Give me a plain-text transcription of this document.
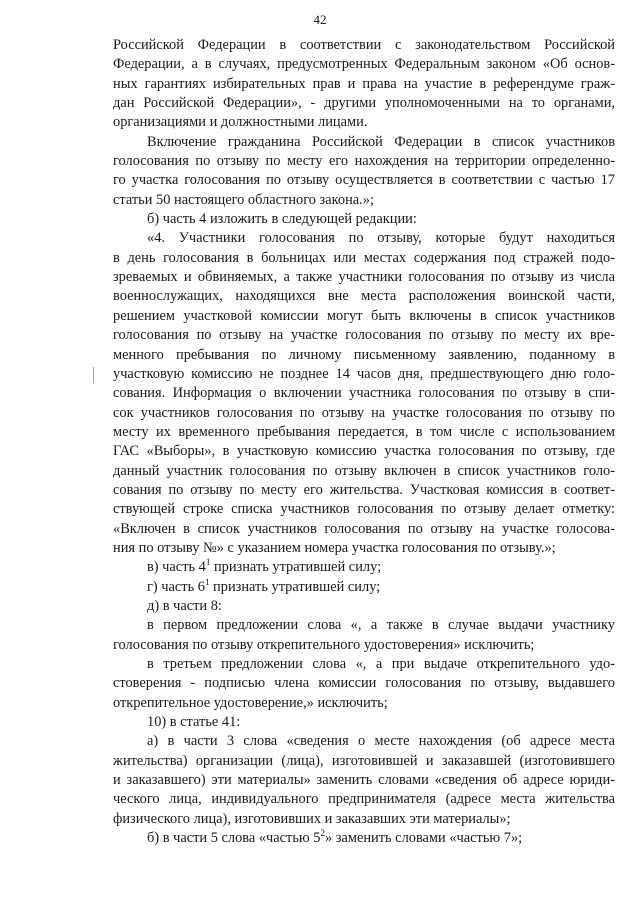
42
Российской Федерации в соответствии с законодательством Российской
Федерации, а в случаях, предусмотренных Федеральным законом «Об основ-
ных гарантиях избирательных прав и права на участие в референдуме граж-
дан Российской Федерации», - другими уполномоченными на то органами,
организациями и должностными лицами.
Включение гражданина Российской Федерации в список участников
голосования по отзыву по месту его нахождения на территории определенно-
го участка голосования по отзыву осуществляется в соответствии с частью 17
статьи 50 настоящего областного закона.»;
б) часть 4 изложить в следующей редакции:
«4. Участники голосования по отзыву, которые будут находиться
в день голосования в больницах или местах содержания под стражей подо-
зреваемых и обвиняемых, а также участники голосования по отзыву из числа
военнослужащих, находящихся вне места расположения воинской части,
решением участковой комиссии могут быть включены в список участников
голосования по отзыву на участке голосования по отзыву по месту их вре-
менного пребывания по личному письменному заявлению, поданному в
участковую комиссию не позднее 14 часов дня, предшествующего дню голо-
сования. Информация о включении участника голосования по отзыву в спи-
сок участников голосования по отзыву на участке голосования по отзыву по
месту их временного пребывания передается, в том числе с использованием
ГАС «Выборы», в участковую комиссию участка голосования по отзыву, где
данный участник голосования по отзыву включен в список участников голо-
сования по отзыву по месту его жительства. Участковая комиссия в соответ-
ствующей строке списка участников голосования по отзыву делает отметку:
«Включен в список участников голосования по отзыву на участке голосова-
ния по отзыву №» с указанием номера участка голосования по отзыву.»;
в) часть $4^1$ признать утратившей силу;
г) часть $6^1$ признать утратившей силу;
д) в части 8:
в первом предложении слова «, а также в случае выдачи участнику
голосования по отзыву открепительного удостоверения» исключить;
в третьем предложении слова «, а при выдаче открепительного удо-
стоверения - подписью члена комиссии голосования по отзыву, выдавшего
открепительное удостоверение,» исключить;
10) в статье 41:
а) в части 3 слова «сведения о месте нахождения (об адресе места
жительства) организации (лица), изготовившей и заказавшей (изготовившего
и заказавшего) эти материалы» заменить словами «сведения об адресе юриди-
ческого лица, индивидуального предпринимателя (адресе места жительства
физического лица), изготовивших и заказавших эти материалы»;
б) в части 5 слова «частью $5^2$» заменить словами «частью 7»;
